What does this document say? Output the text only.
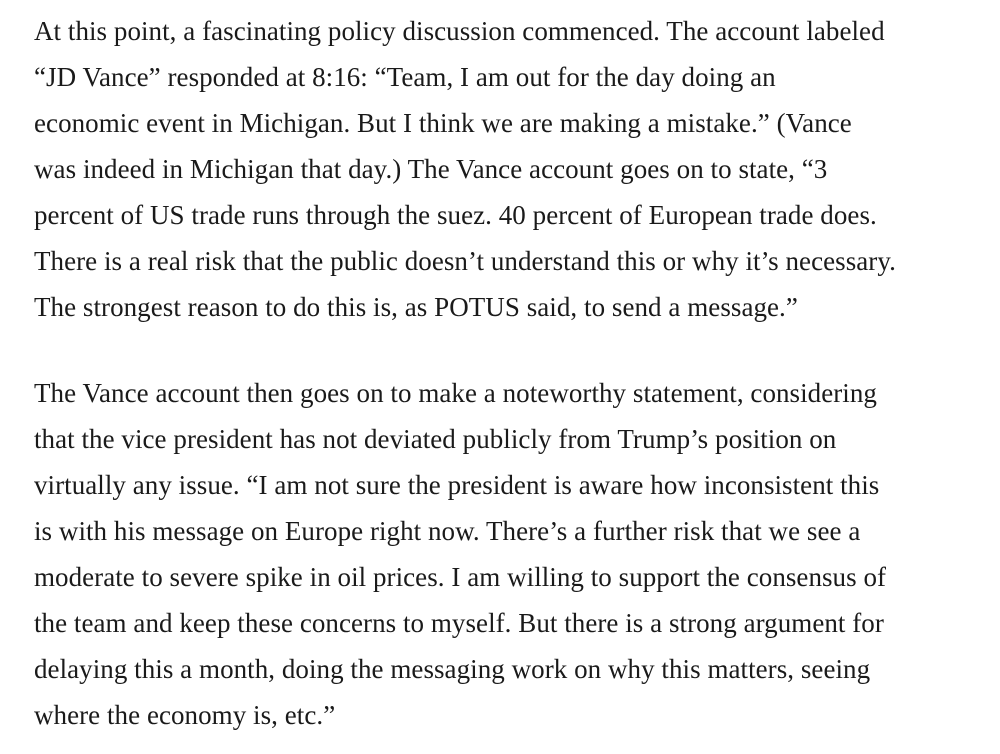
At this point, a fascinating policy discussion commenced. The account labeled
“JD Vance” responded at 8:16: “Team, I am out for the day doing an
economic event in Michigan. But I think we are making a mistake.” (Vance
was indeed in Michigan that day.) The Vance account goes on to state, “3
percent of US trade runs through the suez. 40 percent of European trade does.
There is a real risk that the public doesn’t understand this or why it’s necessary.
The strongest reason to do this is, as POTUS said, to send a message.”

The Vance account then goes on to make a noteworthy statement, considering
that the vice president has not deviated publicly from Trump’s position on
virtually any issue. “I am not sure the president is aware how inconsistent this
is with his message on Europe right now. There’s a further risk that we see a
moderate to severe spike in oil prices. I am willing to support the consensus of
the team and keep these concerns to myself. But there is a strong argument for
delaying this a month, doing the messaging work on why this matters, seeing
where the economy is, etc.”
